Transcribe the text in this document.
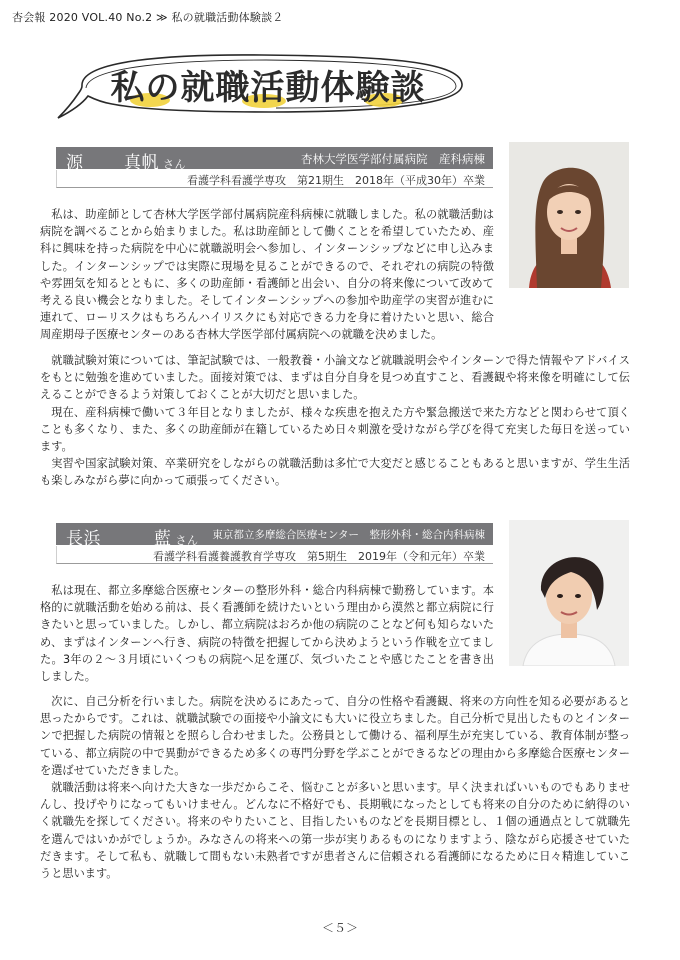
杏会報 2020 VOL.40 No.2 ≫ 私の就職活動体験談２
私の就職活動体験談
源 真帆 さん	杏林大学医学部付属病院　産科病棟
看護学科看護学専攻　第21期生　2018年（平成30年）卒業

私は、助産師として杏林大学医学部付属病院産科病棟に就職しました。私の就職活動は病院を調べることから始まりました。私は助産師として働くことを希望していたため、産科に興味を持った病院を中心に就職説明会へ参加し、インターンシップなどに申し込みました。インターンシップでは実際に現場を見ることができるので、それぞれの病院の特徴や雰囲気を知るとともに、多くの助産師・看護師と出会い、自分の将来像について改めて考える良い機会となりました。そしてインターンシップへの参加や助産学の実習が進むに連れて、ローリスクはもちろんハイリスクにも対応できる力を身に着けたいと思い、総合周産期母子医療センターのある杏林大学医学部付属病院への就職を決めました。

就職試験対策については、筆記試験では、一般教養・小論文など就職説明会やインターンで得た情報やアドバイスをもとに勉強を進めていました。面接対策では、まずは自分自身を見つめ直すこと、看護観や将来像を明確にして伝えることができるよう対策しておくことが大切だと思いました。

現在、産科病棟で働いて３年目となりましたが、様々な疾患を抱えた方や緊急搬送で来た方などと関わらせて頂くことも多くなり、また、多くの助産師が在籍しているため日々刺激を受けながら学びを得て充実した毎日を送っています。

実習や国家試験対策、卒業研究をしながらの就職活動は多忙で大変だと感じることもあると思いますが、学生生活も楽しみながら夢に向かって頑張ってください。

長浜	藍 さん 東京都立多摩総合医療センター　整形外科・総合内科病棟
看護学科看護養護教育学専攻　第5期生　2019年（令和元年）卒業

私は現在、都立多摩総合医療センターの整形外科・総合内科病棟で勤務しています。本格的に就職活動を始める前は、長く看護師を続けたいという理由から漠然と都立病院に行きたいと思っていました。しかし、都立病院はおろか他の病院のことなど何も知らないため、まずはインターンへ行き、病院の特徴を把握してから決めようという作戦を立てました。3年の２～３月頃にいくつもの病院へ足を運び、気づいたことや感じたことを書き出しました。

次に、自己分析を行いました。病院を決めるにあたって、自分の性格や看護観、将来の方向性を知る必要があると思ったからです。これは、就職試験での面接や小論文にも大いに役立ちました。自己分析で見出したものとインターンで把握した病院の情報とを照らし合わせました。公務員として働ける、福利厚生が充実している、教育体制が整っている、都立病院の中で異動ができるため多くの専門分野を学ぶことができるなどの理由から多摩総合医療センターを選ばせていただきました。

就職活動は将来へ向けた大きな一歩だからこそ、悩むことが多いと思います。早く決まればいいものでもありませんし、投げやりになってもいけません。どんなに不格好でも、長期戦になったとしても将来の自分のために納得のいく就職先を探してください。将来のやりたいこと、目指したいものなどを長期目標とし、１個の通過点として就職先を選んではいかがでしょうか。みなさんの将来への第一歩が実りあるものになりますよう、陰ながら応援させていただきます。そして私も、就職して間もない未熟者ですが患者さんに信頼される看護師になるために日々精進していこうと思います。

＜５＞
